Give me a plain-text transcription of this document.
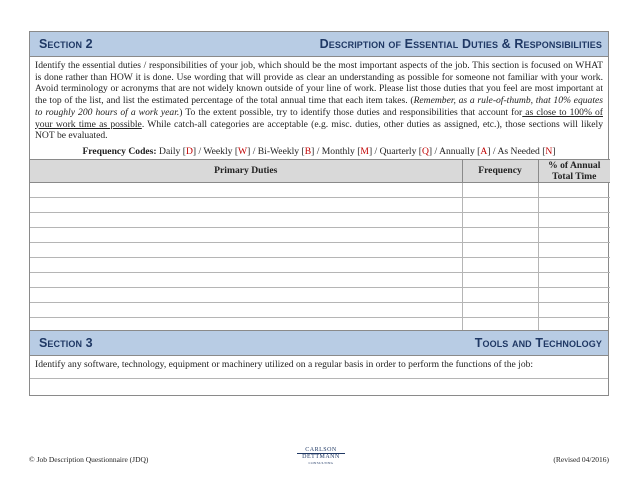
Section 2	Description of Essential Duties & Responsibilities
Identify the essential duties / responsibilities of your job, which should be the most important aspects of the job. This section is focused on WHAT is done rather than HOW it is done. Use wording that will provide as clear an understanding as possible for someone not familiar with your work. Avoid terminology or acronyms that are not widely known outside of your line of work. Please list those duties that you feel are most important at the top of the list, and list the estimated percentage of the total annual time that each item takes. (Remember, as a rule-of-thumb, that 10% equates to roughly 200 hours of a work year.) To the extent possible, try to identify those duties and responsibilities that account for as close to 100% of your work time as possible. While catch-all categories are acceptable (e.g. misc. duties, other duties as assigned, etc.), those sections will likely NOT be evaluated.
Frequency Codes: Daily [D] / Weekly [W] / Bi-Weekly [B] / Monthly [M] / Quarterly [Q] / Annually [A] / As Needed [N]
Primary Duties	Frequency	% of Annual
Total Time

Section 3	Tools and Technology
Identify any software, technology, equipment or machinery utilized on a regular basis in order to perform the functions of the job:
© Job Description Questionnaire (JDQ)
CARLSON
DETTMANN
CONSULTING	(Revised 04/2016)
